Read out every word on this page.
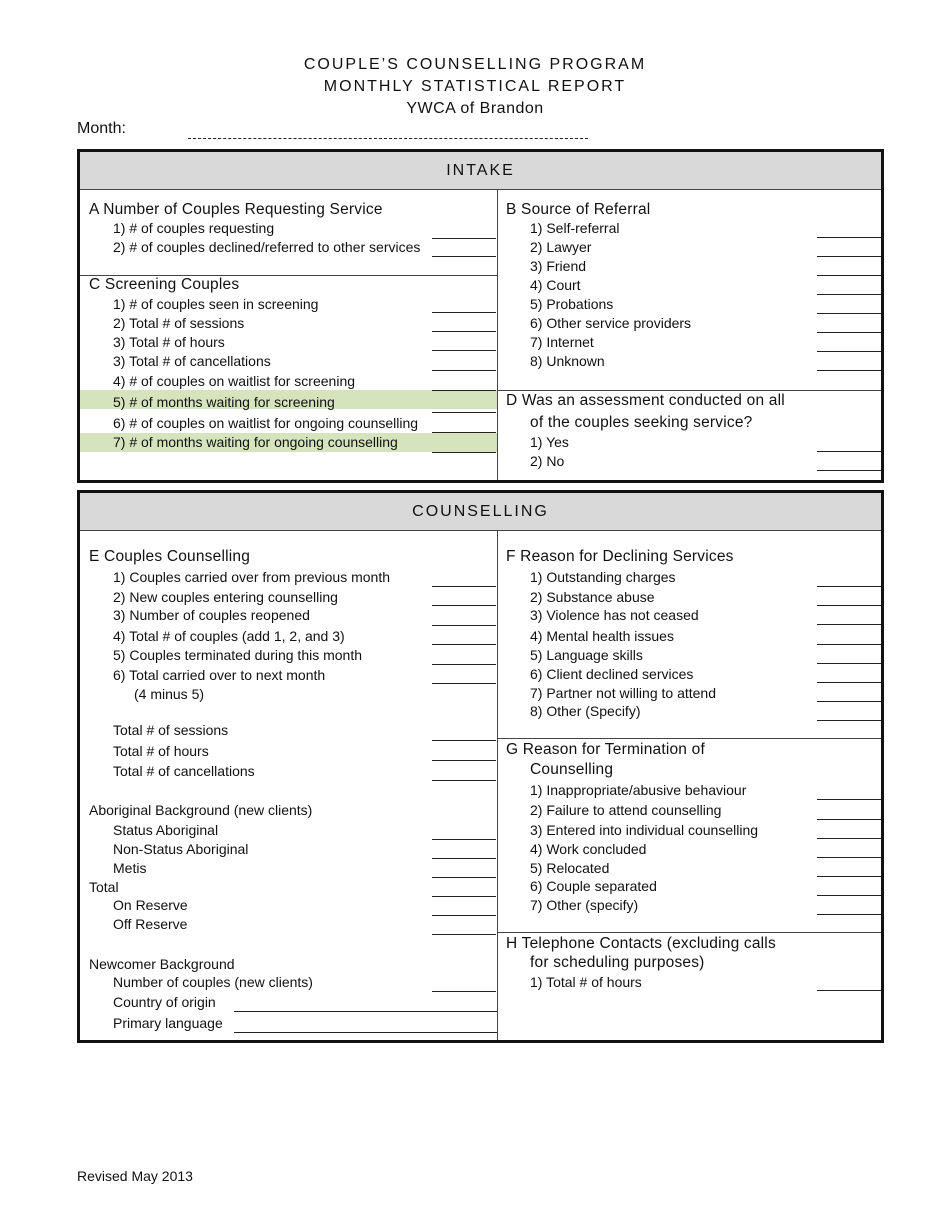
COUPLE’S COUNSELLING PROGRAM
MONTHLY STATISTICAL REPORT
YWCA of Brandon
Month:
INTAKE
A Number of Couples Requesting Service
1) # of couples requesting
2) # of couples declined/referred to other services
C Screening Couples
1) # of couples seen in screening
2) Total # of sessions
3) Total # of hours
3) Total # of cancellations
4) # of couples on waitlist for screening
5) # of months waiting for screening
6) # of couples on waitlist for ongoing counselling
7) # of months waiting for ongoing counselling
B Source of Referral
1) Self-referral
2) Lawyer
3) Friend
4) Court
5) Probations
6) Other service providers
7) Internet
8) Unknown
D Was an assessment conducted on all
of the couples seeking service?
1) Yes
2) No
COUNSELLING
E Couples Counselling
1) Couples carried over from previous month
2) New couples entering counselling
3) Number of couples reopened
4) Total # of couples (add 1, 2, and 3)
5) Couples terminated during this month
6) Total carried over to next month
(4 minus 5)
Total # of sessions
Total # of hours
Total # of cancellations
Aboriginal Background (new clients)
Status Aboriginal
Non-Status Aboriginal
Metis
Total
On Reserve
Off Reserve
Newcomer Background
Number of couples (new clients)
Country of origin
Primary language
F Reason for Declining Services
1) Outstanding charges
2) Substance abuse
3) Violence has not ceased
4) Mental health issues
5) Language skills
6) Client declined services
7) Partner not willing to attend
8) Other (Specify)
G Reason for Termination of
Counselling
1) Inappropriate/abusive behaviour
2) Failure to attend counselling
3) Entered into individual counselling
4) Work concluded
5) Relocated
6) Couple separated
7) Other (specify)
H Telephone Contacts (excluding calls
for scheduling purposes)
1) Total # of hours
Revised May 2013
